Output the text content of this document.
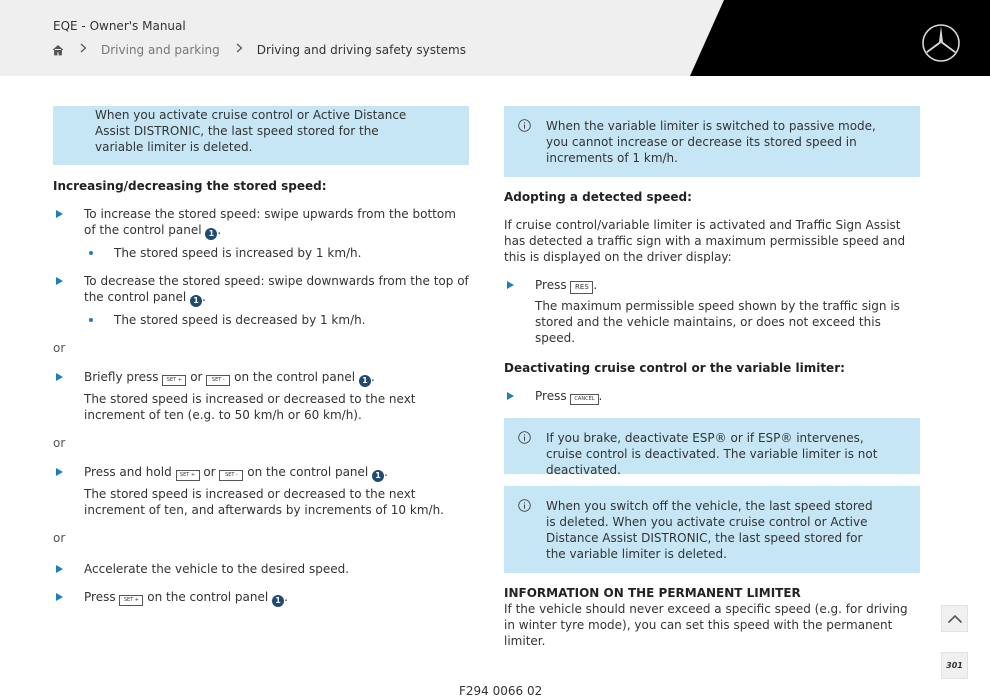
EQE - Owner's Manual
Driving and parking	Driving and driving safety systems
When you activate cruise control or Active Distance Assist DISTRONIC, the last speed stored for the variable limiter is deleted.
Increasing/decreasing the stored speed:
To increase the stored speed: swipe upwards from the bottom of the control panel 1 .
The stored speed is increased by 1 km/h.
To decrease the stored speed: swipe downwards from the top of the control panel 1 .
The stored speed is decreased by 1 km/h.
or
Briefly press SET + or SET - on the control panel 1 .
The stored speed is increased or decreased to the next increment of ten (e.g. to 50 km/h or 60 km/h).
or
Press and hold SET + or SET - on the control panel 1 .
The stored speed is increased or decreased to the next increment of ten, and afterwards by increments of 10 km/h.
or
Accelerate the vehicle to the desired speed.
Press SET + on the control panel 1 .
When the variable limiter is switched to passive mode, you cannot increase or decrease its stored speed in increments of 1 km/h.
Adopting a detected speed:
If cruise control/variable limiter is activated and Traffic Sign Assist has detected a traffic sign with a maximum permissible speed and this is displayed on the driver display:
Press RES .
The maximum permissible speed shown by the traffic sign is stored and the vehicle maintains, or does not exceed this speed.
Deactivating cruise control or the variable limiter:
Press CANCEL .
If you brake, deactivate ESP® or if ESP® intervenes, cruise control is deactivated. The variable limiter is not deactivated.
When you switch off the vehicle, the last speed stored is deleted. When you activate cruise control or Active Distance Assist DISTRONIC, the last speed stored for the variable limiter is deleted.
INFORMATION ON THE PERMANENT LIMITER
If the vehicle should never exceed a specific speed (e.g. for driving in winter tyre mode), you can set this speed with the permanent limiter.
F294 0066 02
301
